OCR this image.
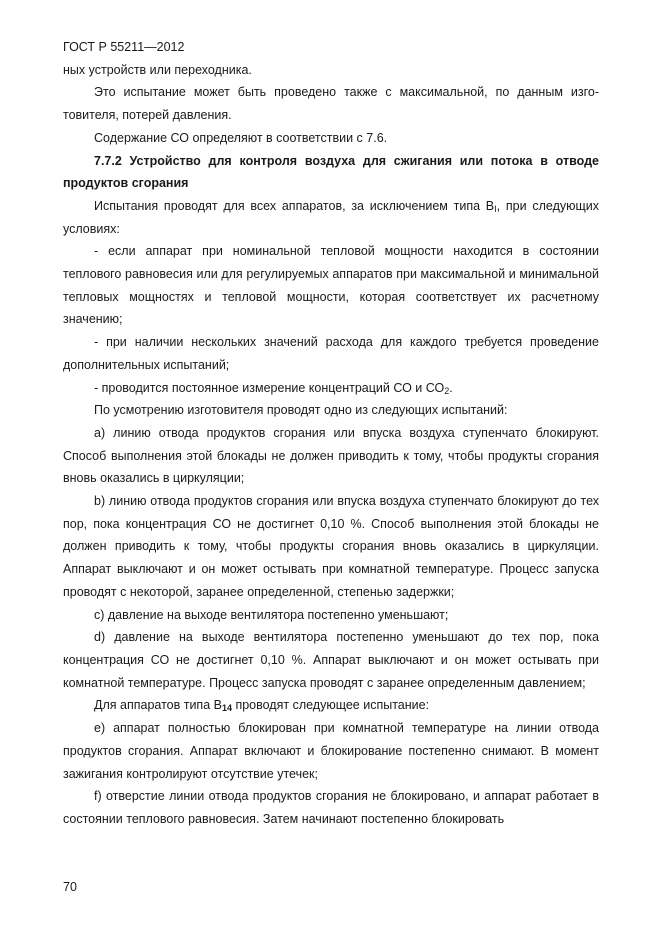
ГОСТ Р 55211—2012

ных устройств или переходника.

Это испытание может быть проведено также с максимальной, по данным изготовителя, потерей давления.

Содержание СО определяют в соответствии с 7.6.

7.7.2 Устройство для контроля воздуха для сжигания или потока в отводе продуктов сгорания

Испытания проводят для всех аппаратов, за исключением типа $В_I$, при следующих условиях:

- если аппарат при номинальной тепловой мощности находится в состоянии теплового равновесия или для регулируемых аппаратов при максимальной и минимальной тепловых мощностях и тепловой мощности, которая соответствует их расчетному значению;

- при наличии нескольких значений расхода для каждого требуется проведение дополнительных испытаний;

- проводится постоянное измерение концентраций СО и $СО_2$.

По усмотрению изготовителя проводят одно из следующих испытаний:

а) линию отвода продуктов сгорания или впуска воздуха ступенчато блокируют. Способ выполнения этой блокады не должен приводить к тому, чтобы продукты сгорания вновь оказались в циркуляции;

b) линию отвода продуктов сгорания или впуска воздуха ступенчато блокируют до тех пор, пока концентрация СО не достигнет 0,10 %. Способ выполнения этой блокады не должен приводить к тому, чтобы продукты сгорания вновь оказались в циркуляции. Аппарат выключают и он может остывать при комнатной температуре. Процесс запуска проводят с некоторой, заранее определенной, степенью задержки;

с) давление на выходе вентилятора постепенно уменьшают;

d) давление на выходе вентилятора постепенно уменьшают до тех пор, пока концентрация СО не достигнет 0,10 %. Аппарат выключают и он может остывать при комнатной температуре. Процесс запуска проводят с заранее определенным давлением;

Для аппаратов типа В14 проводят следующее испытание:

е) аппарат полностью блокирован при комнатной температуре на линии отвода продуктов сгорания. Аппарат включают и блокирование постепенно снимают. В момент зажигания контролируют отсутствие утечек;

f) отверстие линии отвода продуктов сгорания не блокировано, и аппарат работает в состоянии теплового равновесия. Затем начинают постепенно блокировать

70
